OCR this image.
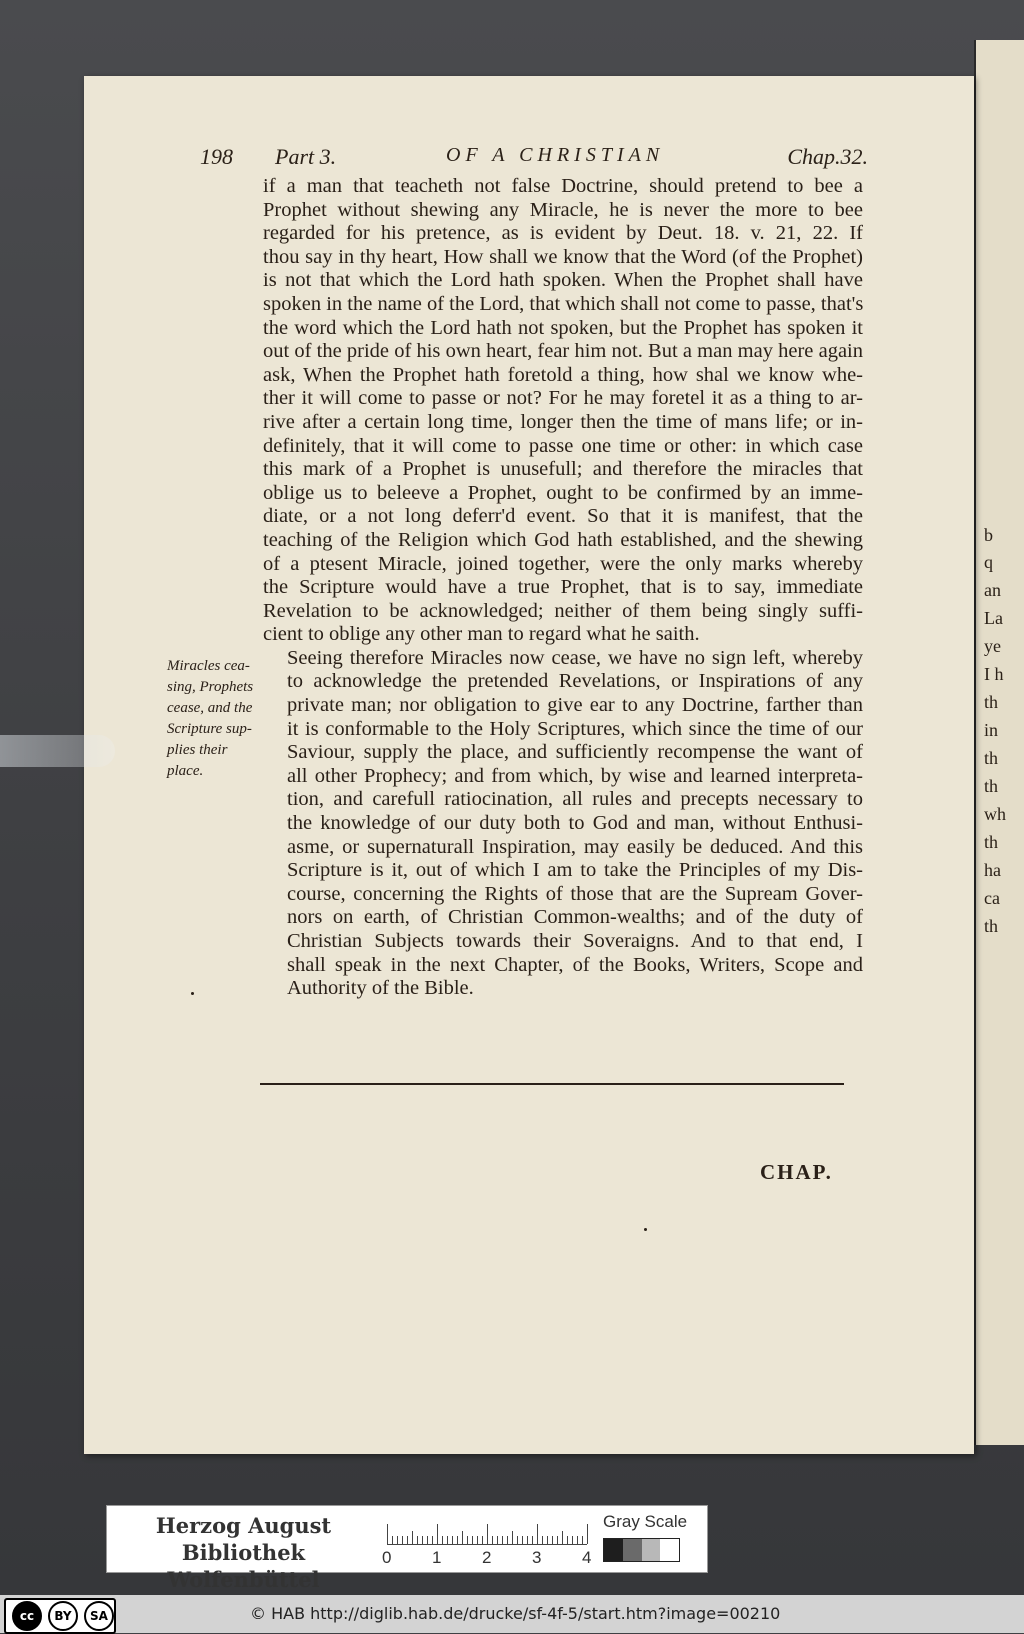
b
q
an
La
ye
I h
th
in
th
th
wh
th
ha
ca
th
198 Part 3.	OF A CHRISTIAN	Chap.32.

if a man that teacheth not false Doctrine, should pretend to bee a
Prophet without shewing any Miracle, he is never the more to bee
regarded for his pretence, as is evident by Deut. 18. v. 21, 22. If
thou say in thy heart, How shall we know that the Word (of the Prophet)
is not that which the Lord hath spoken. When the Prophet shall have
spoken in the name of the Lord, that which shall not come to passe, that's
the word which the Lord hath not spoken, but the Prophet has spoken it
out of the pride of his own heart, fear him not. But a man may here again
ask, When the Prophet hath foretold a thing, how shal we know whe-
ther it will come to passe or not? For he may foretel it as a thing to ar-
rive after a certain long time, longer then the time of mans life; or in-
definitely, that it will come to passe one time or other: in which case
this mark of a Prophet is unusefull; and therefore the miracles that
oblige us to beleeve a Prophet, ought to be confirmed by an imme-
diate, or a not long deferr'd event. So that it is manifest, that the
teaching of the Religion which God hath established, and the shewing
of a ptesent Miracle, joined together, were the only marks whereby
the Scripture would have a true Prophet, that is to say, immediate
Revelation to be acknowledged; neither of them being singly suffi-
cient to oblige any other man to regard what he saith.

Seeing therefore Miracles now cease, we have no sign left, whereby
to acknowledge the pretended Revelations, or Inspirations of any
private man; nor obligation to give ear to any Doctrine, farther than
it is conformable to the Holy Scriptures, which since the time of our
Saviour, supply the place, and sufficiently recompense the want of
all other Prophecy; and from which, by wise and learned interpreta-
tion, and carefull ratiocination, all rules and precepts necessary to
the knowledge of our duty both to God and man, without Enthusi-
asme, or supernaturall Inspiration, may easily be deduced. And this
Scripture is it, out of which I am to take the Principles of my Dis-
course, concerning the Rights of those that are the Supream Gover-
nors on earth, of Christian Common-wealths; and of the duty of
Christian Subjects towards their Soveraigns. And to that end, I
shall speak in the next Chapter, of the Books, Writers, Scope and
Authority of the Bible.

Miracles cea-sing, Prophets cease, and the Scripture sup-plies their place.
CHAP.
Herzog August Bibliothek
Wolfenbüttel
0 1 2 3 4
Gray Scale
cc	BY	SA	© HAB http://diglib.hab.de/drucke/sf-4f-5/start.htm?image=00210
